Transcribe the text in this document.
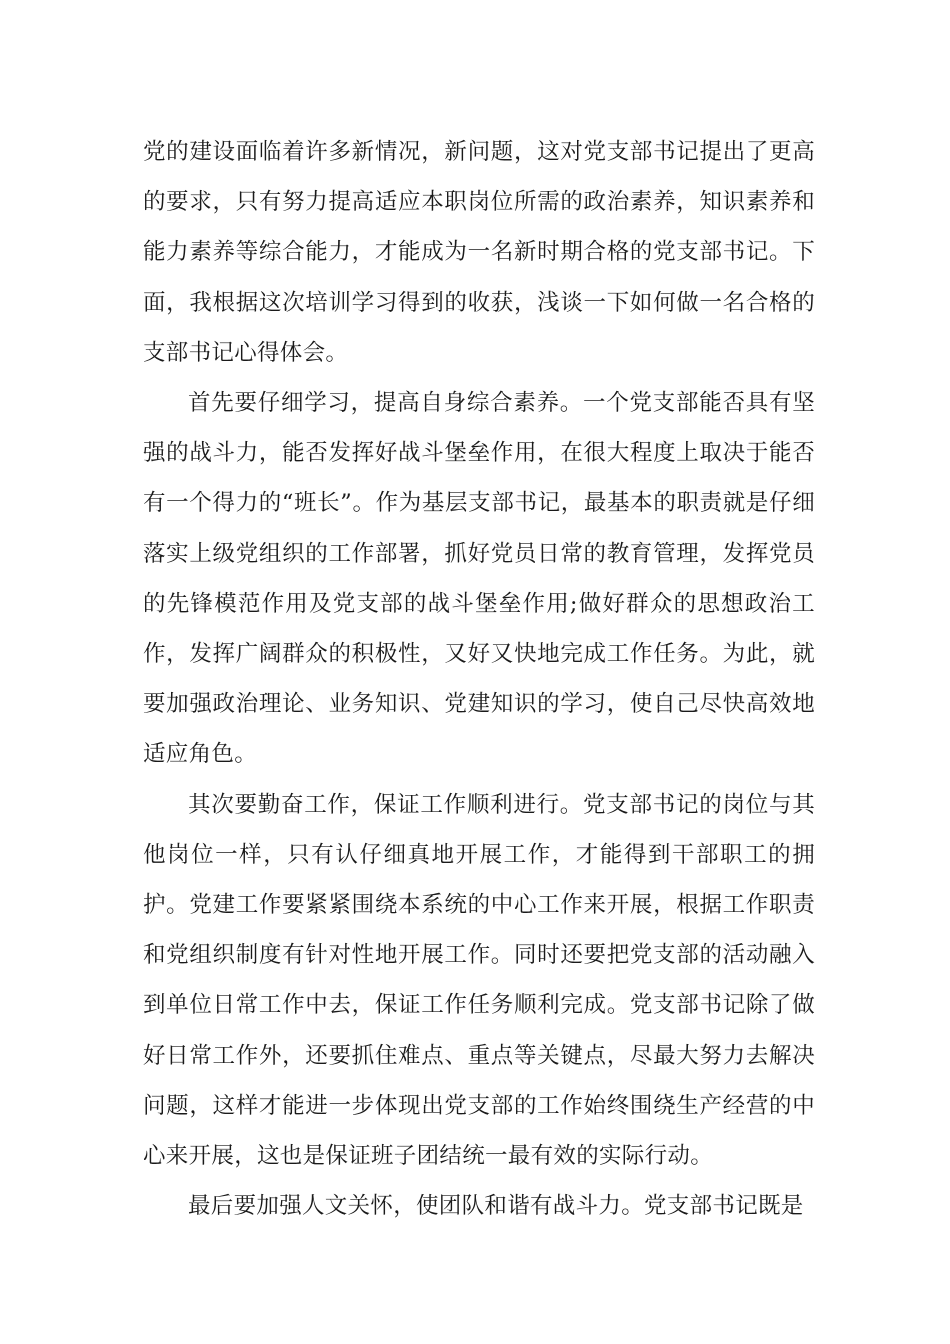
党的建设面临着许多新情况，新问题，这对党支部书记提出了更高的要求，只有努力提高适应本职岗位所需的政治素养，知识素养和能力素养等综合能力，才能成为一名新时期合格的党支部书记。下面，我根据这次培训学习得到的收获，浅谈一下如何做一名合格的支部书记心得体会。

首先要仔细学习，提高自身综合素养。一个党支部能否具有坚强的战斗力，能否发挥好战斗堡垒作用，在很大程度上取决于能否有一个得力的“班长”。作为基层支部书记，最基本的职责就是仔细落实上级党组织的工作部署，抓好党员日常的教育管理，发挥党员的先锋模范作用及党支部的战斗堡垒作用;做好群众的思想政治工作，发挥广阔群众的积极性，又好又快地完成工作任务。为此，就要加强政治理论、业务知识、党建知识的学习，使自己尽快高效地适应角色。

其次要勤奋工作，保证工作顺利进行。党支部书记的岗位与其他岗位一样，只有认仔细真地开展工作，才能得到干部职工的拥护。党建工作要紧紧围绕本系统的中心工作来开展，根据工作职责和党组织制度有针对性地开展工作。同时还要把党支部的活动融入到单位日常工作中去，保证工作任务顺利完成。党支部书记除了做好日常工作外，还要抓住难点、重点等关键点，尽最大努力去解决问题，这样才能进一步体现出党支部的工作始终围绕生产经营的中心来开展，这也是保证班子团结统一最有效的实际行动。

最后要加强人文关怀，使团队和谐有战斗力。党支部书记既是
